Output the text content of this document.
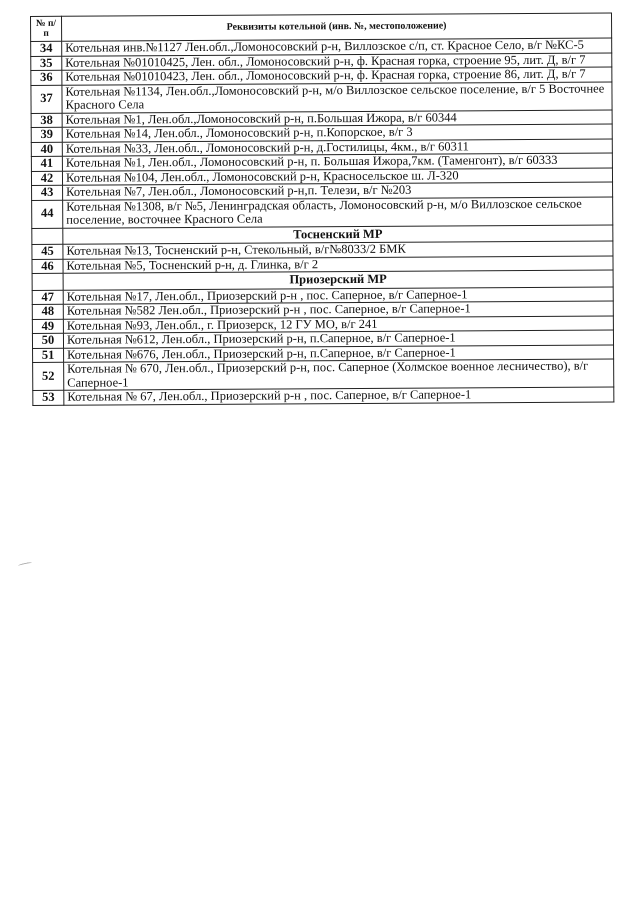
№ п/п	Реквизиты котельной (инв. №, местоположение)
34	Котельная инв.№1127 Лен.обл.,Ломоносовский р-н, Виллозское с/п, ст. Красное Село, в/г №КС-5
35	Котельная №01010425, Лен. обл., Ломоносовский р-н, ф. Красная горка, строение 95, лит. Д, в/г 7
36	Котельная №01010423, Лен. обл., Ломоносовский р-н, ф. Красная горка, строение 86, лит. Д, в/г 7
37	Котельная №1134, Лен.обл.,Ломоносовский р-н, м/о Виллозское сельское поселение, в/г 5 Восточнее Красного Села
38	Котельная №1, Лен.обл.,Ломоносовский р-н, п.Большая Ижора, в/г 60344
39	Котельная №14, Лен.обл., Ломоносовский р-н, п.Копорское, в/г 3
40	Котельная №33, Лен.обл., Ломоносовский р-н, д.Гостилицы, 4км., в/г 60311
41	Котельная №1, Лен.обл., Ломоносовский р-н, п. Большая Ижора,7км. (Таменгонт), в/г 60333
42	Котельная №104, Лен.обл., Ломоносовский р-н, Красносельское ш. Л-320
43	Котельная №7, Лен.обл., Ломоносовский р-н,п. Телези, в/г №203
44	Котельная №1308, в/г №5, Ленинградская область, Ломоносовский р-н, м/о Виллозское сельское поселение, восточнее Красного Села
	Тосненский МР
45	Котельная №13, Тосненский р-н, Стекольный, в/г№8033/2 БМК
46	Котельная №5, Тосненский р-н, д. Глинка, в/г 2
	Приозерский МР
47	Котельная №17, Лен.обл., Приозерский р-н , пос. Саперное, в/г Саперное-1
48	Котельная №582 Лен.обл., Приозерский р-н , пос. Саперное, в/г Саперное-1
49	Котельная №93, Лен.обл., г. Приозерск, 12 ГУ МО, в/г 241
50	Котельная №612, Лен.обл., Приозерский р-н, п.Саперное, в/г Саперное-1
51	Котельная №676, Лен.обл., Приозерский р-н, п.Саперное, в/г Саперное-1
52	Котельная № 670, Лен.обл., Приозерский р-н, пос. Саперное (Холмское военное лесничество), в/г Саперное-1
53	Котельная № 67, Лен.обл., Приозерский р-н , пос. Саперное, в/г Саперное-1
